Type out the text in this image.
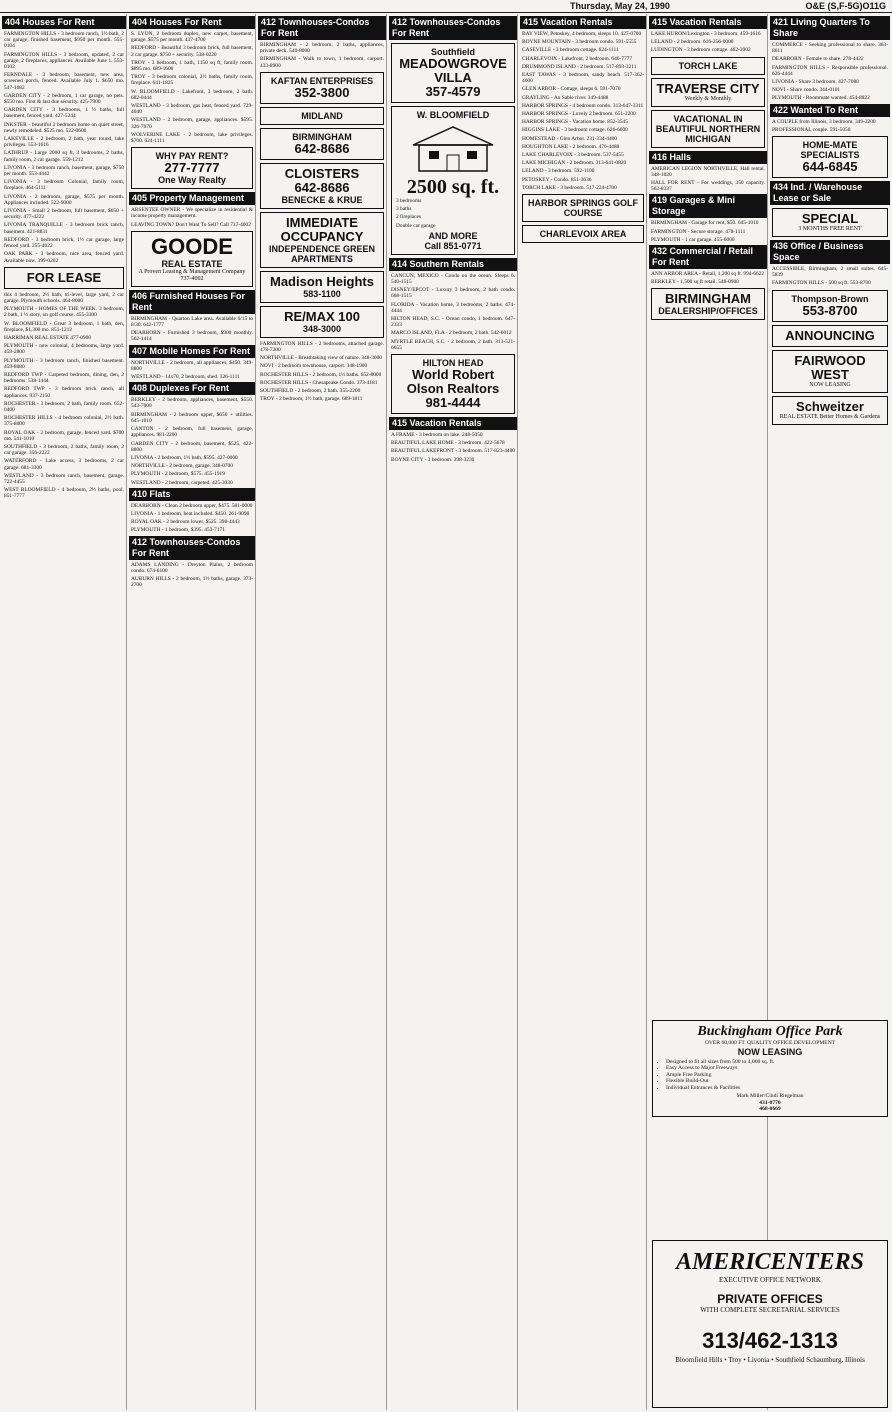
Thursday, May 24, 1990	O&E (S,F-5G)O11G
404 Houses For Rent
FARMINGTON HILLS - 3 bedroom ranch, 1½ bath, 2 car garage, finished basement, $950 per month. 555-0104
FARMINGTON HILLS - 3 bedroom, updated, 2 car garage, 2 fireplaces, appliances. Available June 1. 553-0102
FERNDALE - 3 bedroom, basement, new area, screened porch, fenced. Available July 1. $650 mo. 547-1082
GARDEN CITY - 2 bedroom, 1 car garage, no pets. $550 mo. First & last due security. 425-7900
GARDEN CITY - 3 bedrooms, 1 ½ baths, full basement, fenced yard. 427-5244
INKSTER - beautiful 3 bedroom home on quiet street, newly remodeled. $525 mo. 522-0600
LAKEVILLE - 2 bedroom, 2 bath, year round, lake privileges. 553-1616
LATHRUP - Large 2000 sq ft, 3 bedrooms, 2 baths, family room, 2 car garage. 559-1212
LIVONIA - 3 bedroom ranch, basement, garage, $750 per month. 553-4442
LIVONIA - 3 bedroom Colonial, family room, fireplace. 464-5111
LIVONIA - 2 bedroom, garage, $575 per month. Appliances included. 522-9000
LIVONIA - Small 2 bedroom, full basement, $650 + security. 477-4222
LIVONIA TRANQUILLE - 3 bedroom brick ranch, basement. 421-8831
REDFORD - 3 bedroom brick, 1½ car garage, large fenced yard. 255-4022
OAK PARK - 3 bedroom, nice area, fenced yard. Available now. 399-0202
FOR LEASE
this 4 bedroom, 2½ bath, tri-level, large yard, 2 car garage. Plymouth schools. 464-8080
PLYMOUTH - HOMES OF THE WEEK. 3 bedroom, 2 bath, 1 ½ story, on golf course. 455-3300
W. BLOOMFIELD - Great 3 bedroom, 1 bath, den, fireplace, $1,300 mo. 851-1212
HARRIMAN REAL ESTATE 477-0900
PLYMOUTH - new colonial, 4 bedrooms, large yard. 459-2800
PLYMOUTH - 3 bedroom ranch, finished basement. 459-8080
REDFORD TWP - Carpeted bedroom, dining, den, 2 bedrooms. 538-1444
REDFORD TWP - 3 bedroom brick ranch, all appliances. 937-2150
ROCHESTER - 3 bedroom, 2 bath, family room. 652-0400
ROCHESTER HILLS - 4 bedroom colonial, 2½ bath. 375-8000
ROYAL OAK - 2 bedroom, garage, fenced yard. $700 mo. 541-1010
SOUTHFIELD - 3 bedroom, 2 baths, family room, 2 car garage. 356-2222
WATERFORD - Lake access, 3 bedrooms, 2 car garage. 681-3300
WESTLAND - 3 bedroom ranch, basement, garage. 722-4455
WEST BLOOMFIELD - 4 bedroom, 2½ baths, pool. 851-7777
404 Houses For Rent
S. LYON, 2 bedroom duplex, new carpet, basement, garage. $575 per month. 437-4700
REDFORD - Beautiful 3 bedroom brick, full basement, 2 car garage. $750 + security. 538-0220
TROY - 3 bedroom, 1 bath, 1150 sq ft, family room. $895 mo. 689-1600
TROY - 3 bedroom colonial, 2½ baths, family room, fireplace. 641-1825
W. BLOOMFIELD - Lakefront, 3 bedroom, 2 bath. 682-0444
WESTLAND - 3 bedroom, gas heat, fenced yard. 729-4040
WESTLAND - 2 bedroom, garage, appliances. $595. 326-7070
WOLVERINE LAKE - 2 bedroom, lake privileges. $700. 624-1111
WHY PAY RENT?
277-7777
One Way Realty
405 Property Management
ABSENTEE OWNER - We specialize in residential & income property management.
LEAVING TOWN? Don't Want To Sell? Call 737-4002
GOODE
REAL ESTATE
A Proven Leasing & Management Company 737-4002
406 Furnished Houses For Rent
BIRMINGHAM - Quarton Lake area. Available 6/15 to 8/30. 642-1777
DEARBORN - Furnished 3 bedroom, $900 monthly. 562-1414
407 Mobile Homes For Rent
NORTHVILLE - 2 bedroom, all appliances, $450. 349-8800
WESTLAND - 14x70, 2 bedroom, shed. 326-1111
408 Duplexes For Rent
BERKLEY - 2 bedroom, appliances, basement, $550. 543-7000
BIRMINGHAM - 2 bedroom upper, $650 + utilities. 645-1010
CANTON - 2 bedroom, full basement, garage, appliances. 981-2200
GARDEN CITY - 2 bedroom, basement, $525. 422-8800
LIVONIA - 2 bedroom, 1½ bath, $595. 427-0000
NORTHVILLE - 2 bedroom, garage. 348-0700
PLYMOUTH - 2 bedroom, $575. 455-1919
WESTLAND - 2 bedroom, carpeted. 425-3030
410 Flats
DEARBORN - Clean 2 bedroom upper, $475. 581-0000
LIVONIA - 1 bedroom, heat included. $450. 261-9090
ROYAL OAK - 2 bedroom lower, $525. 398-4443
PLYMOUTH - 1 bedroom, $395. 453-7171
412 Townhouses-Condos For Rent
ADAMS LANDING - Dreyton Plains, 2 bedroom condo. 674-6100
AUBURN HILLS - 2 bedroom, 1½ baths, garage. 373-2700
412 Townhouses-Condos For Rent
BIRMINGHAM - 2 bedroom, 2 baths, appliances, private deck. 540-8000
BIRMINGHAM - Walk to town, 1 bedroom, carport. 433-8900
KAFTAN ENTERPRISES
352-3800
MIDLAND
BIRMINGHAM
642-8686
CLOISTERS
642-8686
BENECKE & KRUE
IMMEDIATE OCCUPANCY
INDEPENDENCE GREEN APARTMENTS
Madison Heights
583-1100
RE/MAX 100
348-3000
FARMINGTON HILLS - 2 bedrooms, attached garage. 478-7200
NORTHVILLE - Breathtaking view of nature. 348-3000
NOVI - 2 bedroom townhouse, carport. 348-1900
ROCHESTER HILLS - 2 bedroom, 1½ baths. 652-8000
ROCHESTER HILLS - Chesapeake Condo. 373-4181
SOUTHFIELD - 2 bedroom, 2 bath. 355-2200
TROY - 2 bedroom, 1½ bath, garage. 689-1811
412 Townhouses-Condos For Rent
Southfield
MEADOWGROVE VILLA
357-4579
W. BLOOMFIELD
2500 sq. ft.
3 bedrooms
3 baths
2 fireplaces
Double car garage
AND MORE
Call 851-0771
414 Southern Rentals
CANCUN, MEXICO - Condo on the ocean. Sleeps 6. 540-1515
DISNEY/EPCOT - Luxury 3 bedroom, 2 bath condo. 668-1515
FLORIDA - Vacation home, 3 bedrooms, 2 baths. 474-4444
HILTON HEAD, S.C. - Ocean condo, 1 bedroom. 647-2333
MARCO ISLAND, FLA - 2 bedroom, 2 bath. 542-6012
MYRTLE BEACH, S.C. - 2 bedroom, 2 bath. 313-521-6655
HILTON HEAD
World Robert Olson Realtors
981-4444
415 Vacation Rentals
A FRAME - 3 bedroom on lake. 248-5050
BEAUTIFUL LAKE HOME - 3 bedroom. 422-5678
BEAUTIFUL LAKEFRONT - 3 bedroom. 517-823-4400
BOYNE CITY - 3 bedroom. 398-3230
415 Vacation Rentals
BAY VIEW, Petoskey, 4 bedroom, sleeps 10. 427-0700
BOYNE MOUNTAIN - 3 bedroom condo. 591-5555
CASEVILLE - 3 bedroom cottage. 624-1111
CHARLEVOIX - Lakefront, 2 bedroom. 646-7777
DRUMMOND ISLAND - 2 bedroom. 517-893-3211
EAST TAWAS - 3 bedroom, sandy beach. 517-362-4600
GLEN ARBOR - Cottage, sleeps 6. 591-7070
GRAYLING - Au Sable river. 349-4488
HARBOR SPRINGS - 4 bedroom condo. 313-647-3311
HARBOR SPRINGS - Lovely 2 bedroom. 651-2200
HARBOR SPRINGS - Vacation home. 852-3545
HIGGINS LAKE - 3 bedroom cottage. 626-6600
HOMESTEAD - Glen Arbor. 231-334-4400
HOUGHTON LAKE - 2 bedroom. 476-4488
LAKE CHARLEVOIX - 3 bedroom. 537-5455
LAKE MICHIGAN - 2 bedroom. 313-641-0820
LELAND - 3 bedroom. 592-1100
PETOSKEY - Condo. 851-3636
TORCH LAKE - 3 bedroom. 517-224-4700
HARBOR SPRINGS GOLF COURSE
CHARLEVOIX AREA
415 Vacation Rentals
LAKE HURON/Lexington - 3 bedroom. 459-1616
LELAND - 2 bedroom. 616-256-0000
LUDINGTON - 3 bedroom cottage. 462-2002
TORCH LAKE
TRAVERSE CITY
Weekly & Monthly
VACATIONAL IN BEAUTIFUL NORTHERN MICHIGAN
416 Halls
AMERICAN LEGION NORTHVILLE, Hall rental. 348-1020
HALL FOR RENT - For weddings, 350 capacity. 562-8337
419 Garages & Mini Storage
BIRMINGHAM - Garage for rent, $50. 645-1010
FARMINGTON - Secure storage. 478-1111
PLYMOUTH - 1 car garage. 455-6000
432 Commercial / Retail For Rent
ANN ARBOR AREA - Retail, 1,200 sq ft. 994-6622
BERKLEY - 1,500 sq ft retail. 548-0900
BIRMINGHAM
DEALERSHIP/OFFICES
421 Living Quarters To Share
COMMERCE - Seeking professional to share. 363-8611
DEARBORN - Female to share. 278-4422
FARMINGTON HILLS - Responsible professional. 626-4444
LIVONIA - Share 3 bedroom. 427-7080
NOVI - Share condo. 344-0101
PLYMOUTH - Roommate wanted. 454-8822
422 Wanted To Rent
A COUPLE from Illinois, 3 bedroom. 349-2200
PROFESSIONAL couple. 591-5050
HOME-MATE SPECIALISTS
644-6845
434 Ind. / Warehouse Lease or Sale
SPECIAL
3 MONTHS FREE RENT
436 Office / Business Space
ACCESSIBLE, Birmingham, 2 small suites. 645-5839
FARMINGTON HILLS - 500 sq ft. 553-8700
Thompson-Brown
553-8700
ANNOUNCING
FAIRWOOD WEST
NOW LEASING
Schweitzer
REAL ESTATE Better Homes & Gardens
Buckingham Office Park
OVER 60,000 FT. QUALITY OFFICE DEVELOPMENT
NOW LEASING
• Designed to fit all sizes from 500 to 4,000 sq. ft.
• Easy Access to Major Freeways
• Ample Free Parking
• Flexible Build-Out
• Individual Entrances & Facilities
Mark Miller/Cindi Riegelman
431-0770
468-0669
AMERICENTERS
EXECUTIVE OFFICE NETWORK
PRIVATE OFFICES
WITH COMPLETE SECRETARIAL SERVICES
313/462-1313
Bloomfield Hills • Troy • Livonia • Southfield Schaumburg, Illinois
